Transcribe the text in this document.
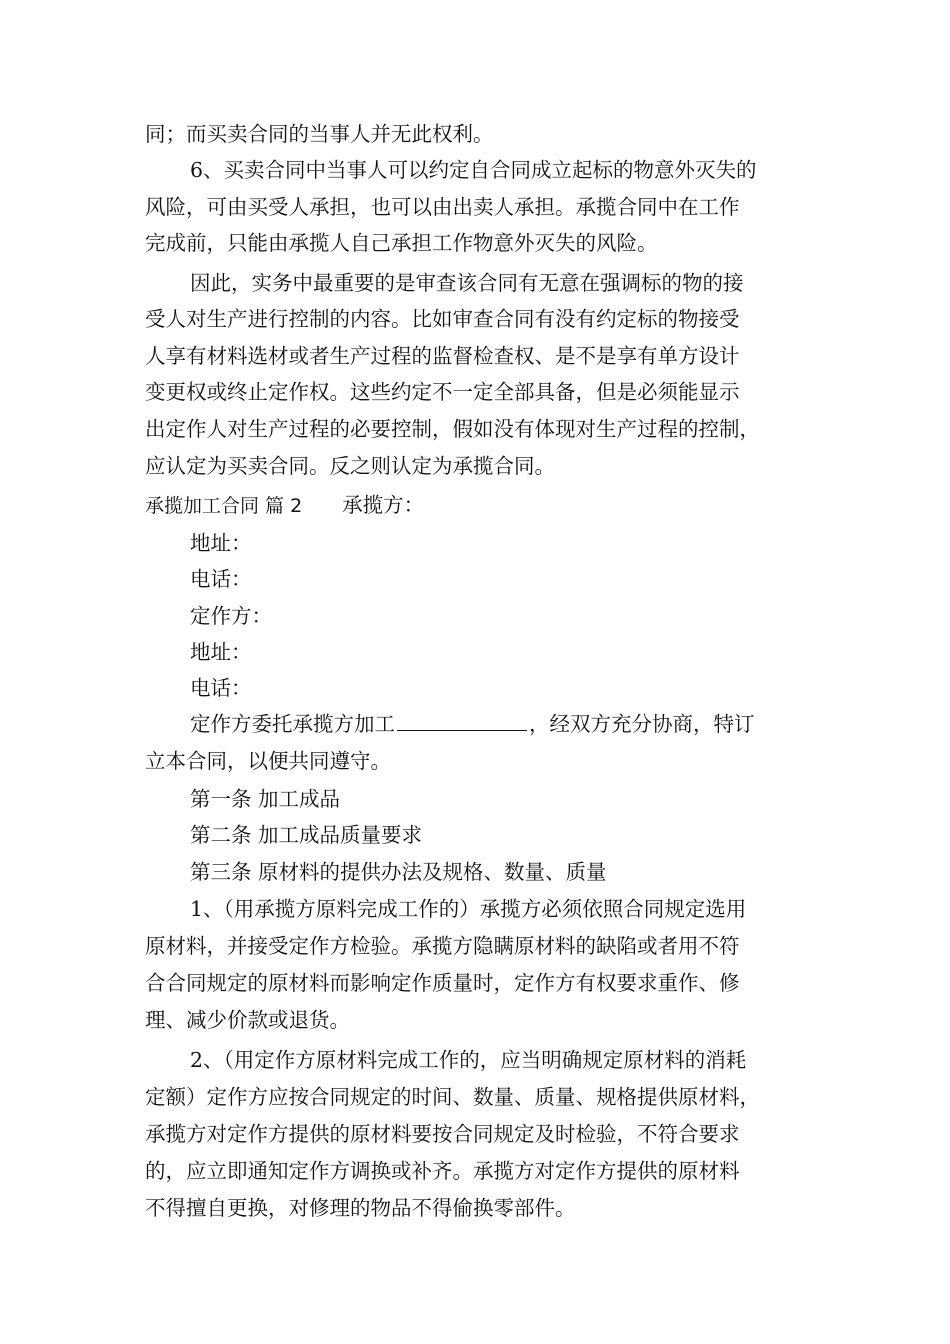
同；而买卖合同的当事人并无此权利。
6、买卖合同中当事人可以约定自合同成立起标的物意外灭失的
风险，可由买受人承担，也可以由出卖人承担。承揽合同中在工作
完成前，只能由承揽人自己承担工作物意外灭失的风险。
因此，实务中最重要的是审查该合同有无意在强调标的物的接
受人对生产进行控制的内容。比如审查合同有没有约定标的物接受
人享有材料选材或者生产过程的监督检查权、是不是享有单方设计
变更权或终止定作权。这些约定不一定全部具备，但是必须能显示
出定作人对生产过程的必要控制，假如没有体现对生产过程的控制，
应认定为买卖合同。反之则认定为承揽合同。
承揽加工合同 篇 2 承揽方：
地址：
电话：
定作方：
地址：
电话：
定作方委托承揽方加工	，经双方充分协商，特订
立本合同，以便共同遵守。
第一条 加工成品
第二条 加工成品质量要求
第三条 原材料的提供办法及规格、数量、质量
1、（用承揽方原料完成工作的）承揽方必须依照合同规定选用
原材料，并接受定作方检验。承揽方隐瞒原材料的缺陷或者用不符
合合同规定的原材料而影响定作质量时，定作方有权要求重作、修
理、减少价款或退货。
2、（用定作方原材料完成工作的，应当明确规定原材料的消耗
定额）定作方应按合同规定的时间、数量、质量、规格提供原材料，
承揽方对定作方提供的原材料要按合同规定及时检验，不符合要求
的，应立即通知定作方调换或补齐。承揽方对定作方提供的原材料
不得擅自更换，对修理的物品不得偷换零部件。
